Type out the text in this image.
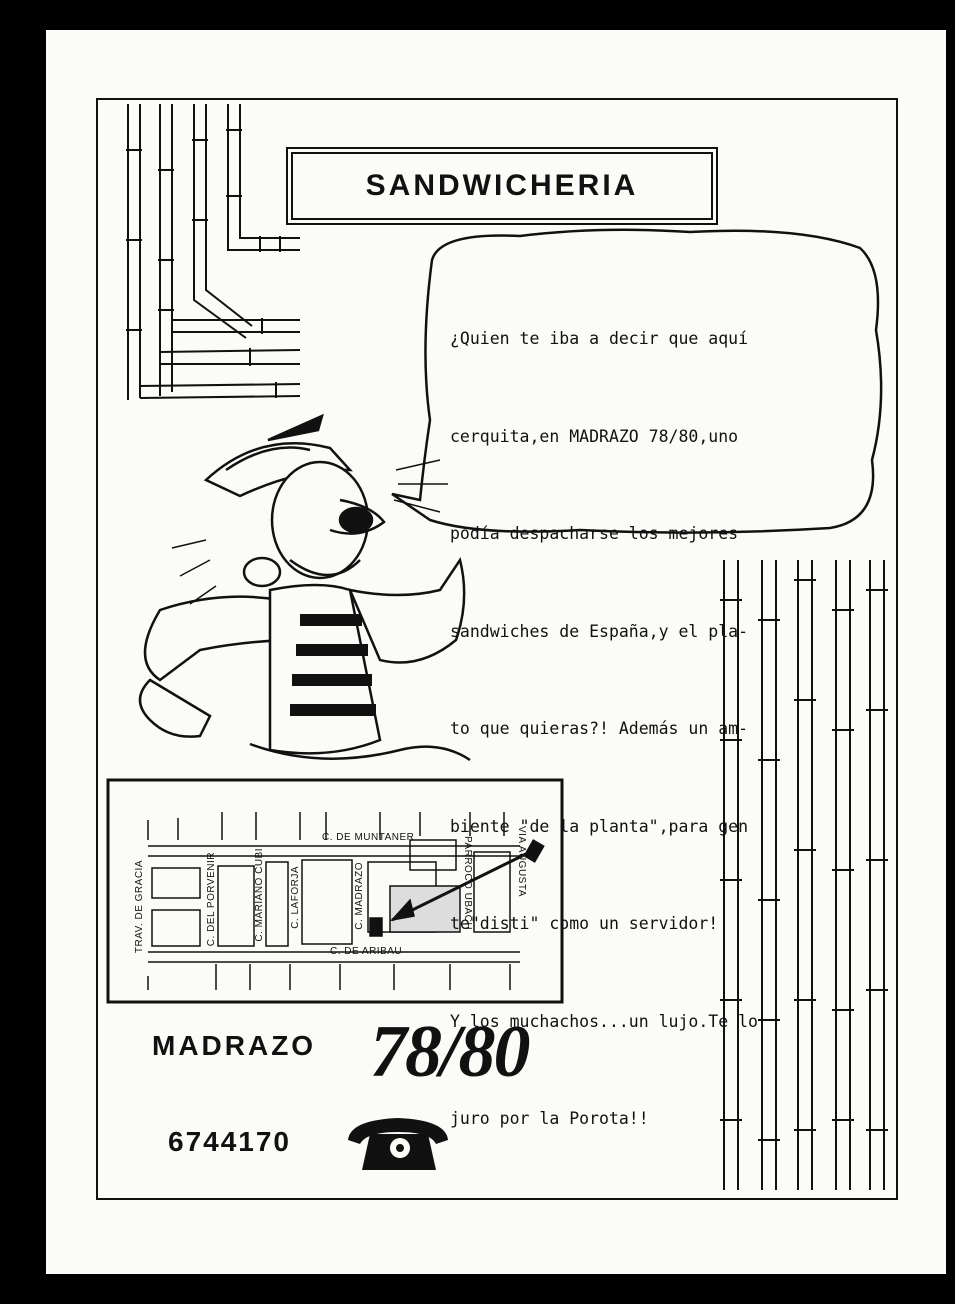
SANDWICHERIA

¿Quien te iba a decir que aquí

cerquita,en MADRAZO 78/80,uno

podía despacharse los mejores

sandwiches de España,y el pla-

to que quieras?! Además un am-

biente "de la planta",para gen

te"disti" como un servidor!

Y los muchachos...un lujo.Te lo

juro por la Porota!!

C. DE MUNTANER
C. DE ARIBAU
TRAV. DE GRACIA	C. DEL PORVENIR	C. MARIANO CUBI	C. LAFORJA	C. MADRAZO	PARROCO UBACH	VIA AUGUSTA
MADRAZO 78/80
6744170
